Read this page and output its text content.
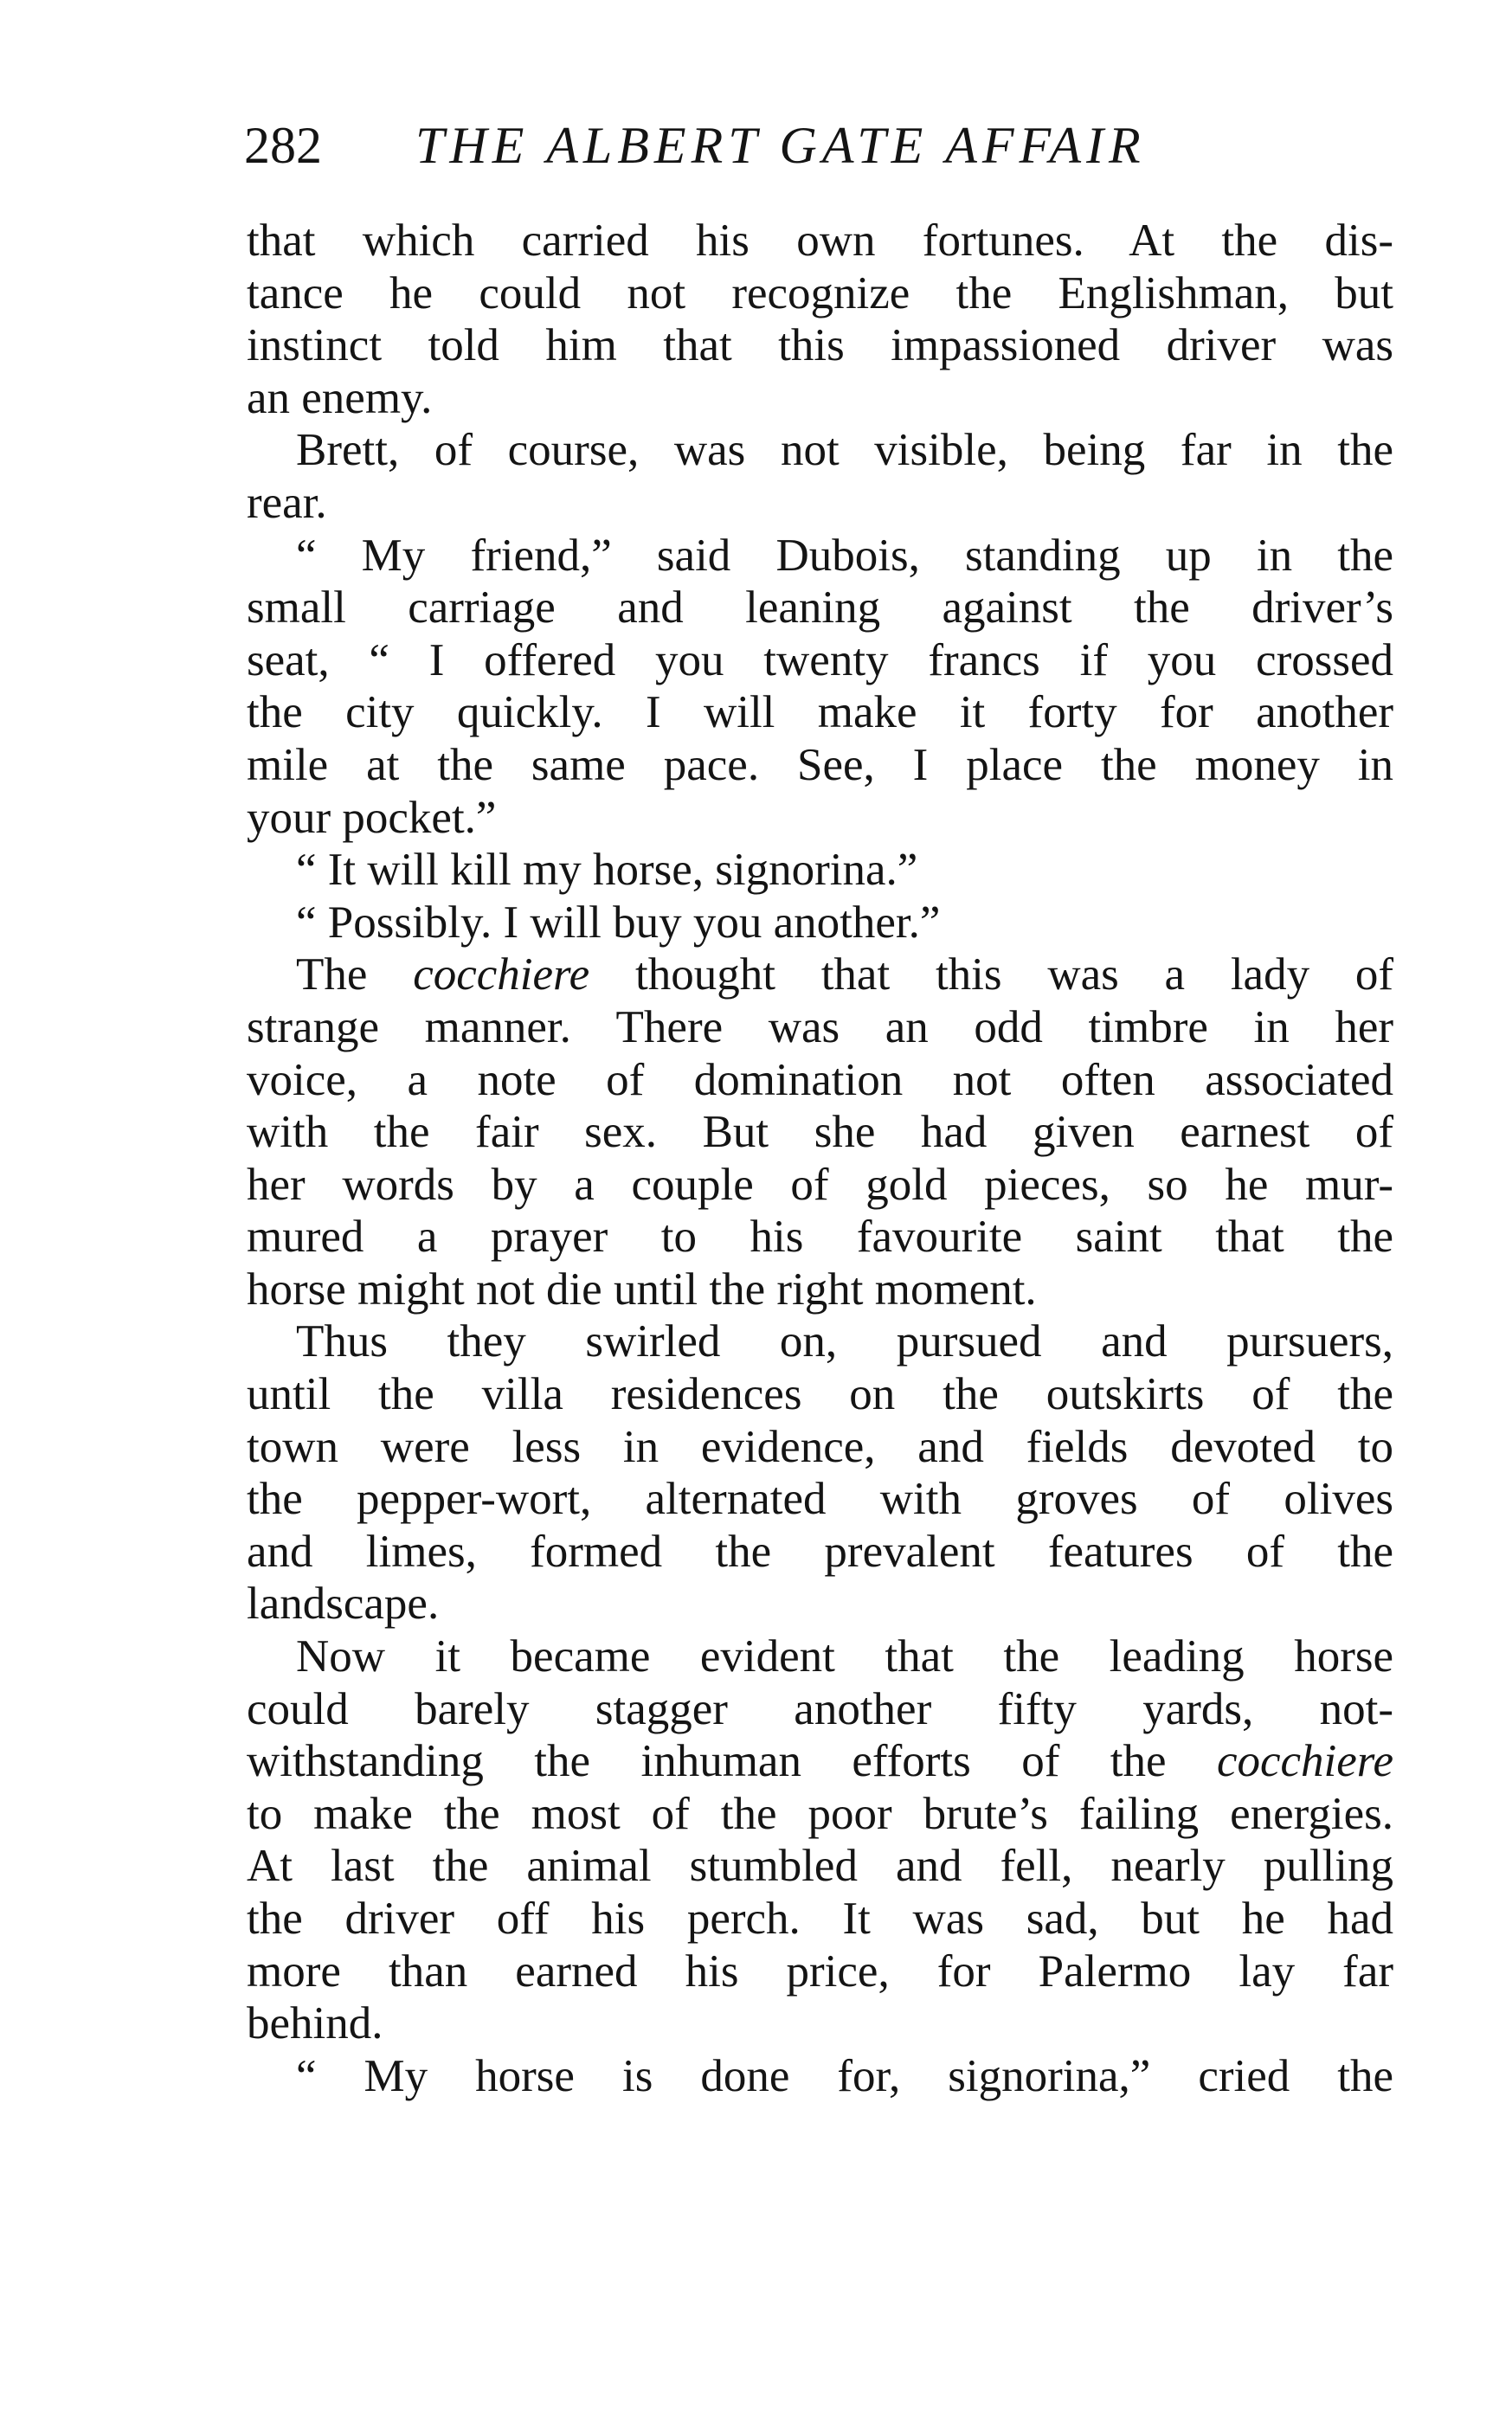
282 THE ALBERT GATE AFFAIR
that which carried his own fortunes. At the dis-
tance he could not recognize the Englishman, but
instinct told him that this impassioned driver was
an enemy.
Brett, of course, was not visible, being far in the
rear.
“ My friend,” said Dubois, standing up in the
small carriage and leaning against the driver’s
seat, “ I offered you twenty francs if you crossed
the city quickly. I will make it forty for another
mile at the same pace. See, I place the money in
your pocket.”
“ It will kill my horse, signorina.”
“ Possibly. I will buy you another.”
The cocchiere thought that this was a lady of
strange manner. There was an odd timbre in her
voice, a note of domination not often associated
with the fair sex. But she had given earnest of
her words by a couple of gold pieces, so he mur-
mured a prayer to his favourite saint that the
horse might not die until the right moment.
Thus they swirled on, pursued and pursuers,
until the villa residences on the outskirts of the
town were less in evidence, and fields devoted to
the pepper-wort, alternated with groves of olives
and limes, formed the prevalent features of the
landscape.
Now it became evident that the leading horse
could barely stagger another fifty yards, not-
withstanding the inhuman efforts of the cocchiere
to make the most of the poor brute’s failing energies.
At last the animal stumbled and fell, nearly pulling
the driver off his perch. It was sad, but he had
more than earned his price, for Palermo lay far
behind.
“ My horse is done for, signorina,” cried the
